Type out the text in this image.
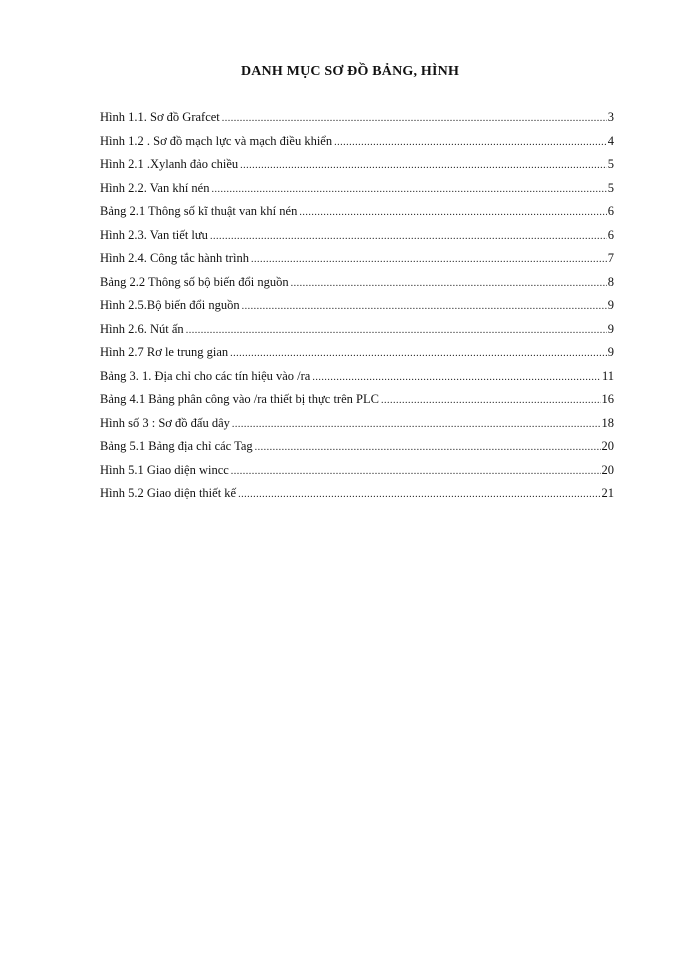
DANH MỤC SƠ ĐỒ BẢNG, HÌNH
Hình 1.1. Sơ đồ Grafcet .....	3
Hình 1.2 . Sơ đồ mạch lực và mạch điều khiển .....	4
Hình 2.1 .Xylanh đảo chiều .....	5
Hình 2.2. Van khí nén .....	5
Bảng 2.1 Thông số kĩ thuật van khí nén .....	6
Hình 2.3. Van tiết lưu .....	6
Hình 2.4. Công tắc hành trình .....	7
Bảng 2.2 Thông số bộ biến đổi nguồn .....	8
Hình 2.5.Bộ biến đổi nguồn .....	9
Hình 2.6. Nút ấn .....	9
Hình 2.7 Rơ le trung gian .....	9
Bảng 3. 1. Địa chỉ cho các tín hiệu vào /ra .....	11
Bảng 4.1 Bảng phân công vào /ra thiết bị thực trên PLC .....	16
Hình số 3 : Sơ đồ đấu dây .....	18
Bảng 5.1 Bảng địa chỉ các Tag .....	20
Hình 5.1 Giao diện wincc .....	20
Hình 5.2 Giao diện thiết kế .....	21
